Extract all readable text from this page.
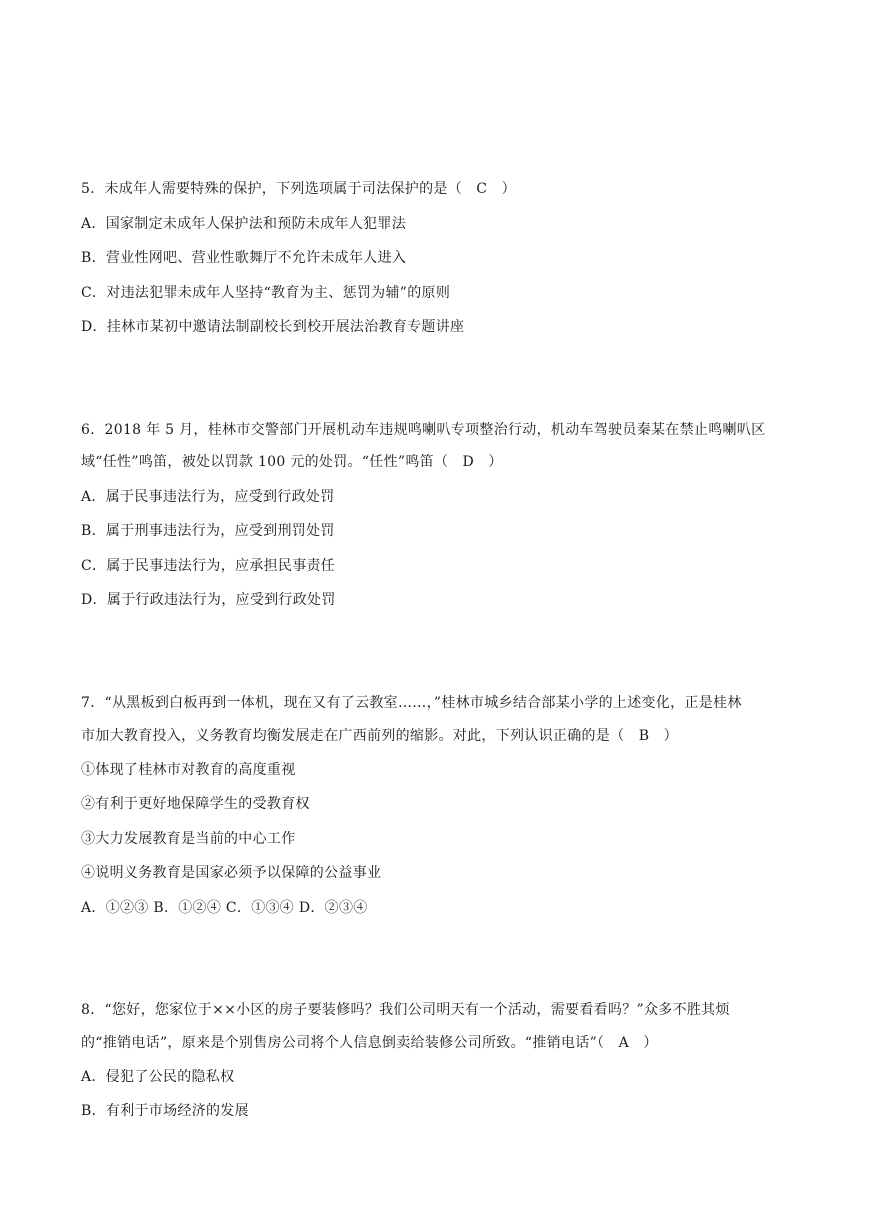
5．未成年人需要特殊的保护，下列选项属于司法保护的是（　C　）
A．国家制定未成年人保护法和预防未成年人犯罪法
B．营业性网吧、营业性歌舞厅不允许未成年人进入
C．对违法犯罪未成年人坚持“教育为主、惩罚为辅”的原则
D．挂林市某初中邀请法制副校长到校开展法治教育专题讲座
6．2018 年 5 月，桂林市交警部门开展机动车违规鸣喇叭专项整治行动，机动车驾驶员秦某在禁止鸣喇叭区
域“任性”鸣笛，被处以罚款 100 元的处罚。“任性”鸣笛（　D　）
A．属于民事违法行为，应受到行政处罚
B．属于刑事违法行为，应受到刑罚处罚
C．属于民事违法行为，应承担民事责任
D．属于行政违法行为，应受到行政处罚
7．“从黑板到白板再到一体机，现在又有了云教室……，”桂林市城乡结合部某小学的上述变化，正是桂林
市加大教育投入，义务教育均衡发展走在广西前列的缩影。对此，下列认识正确的是（　B　）
①体现了桂林市对教育的高度重视
②有利于更好地保障学生的受教育权
③大力发展教育是当前的中心工作
④说明义务教育是国家必须予以保障的公益事业
A．①②③ B．①②④ C．①③④ D．②③④
8．“您好，您家位于××小区的房子要装修吗？我们公司明天有一个活动，需要看看吗？”众多不胜其烦
的“推销电话”，原来是个别售房公司将个人信息倒卖给装修公司所致。“推销电话”（　A　）
A．侵犯了公民的隐私权
B．有利于市场经济的发展
